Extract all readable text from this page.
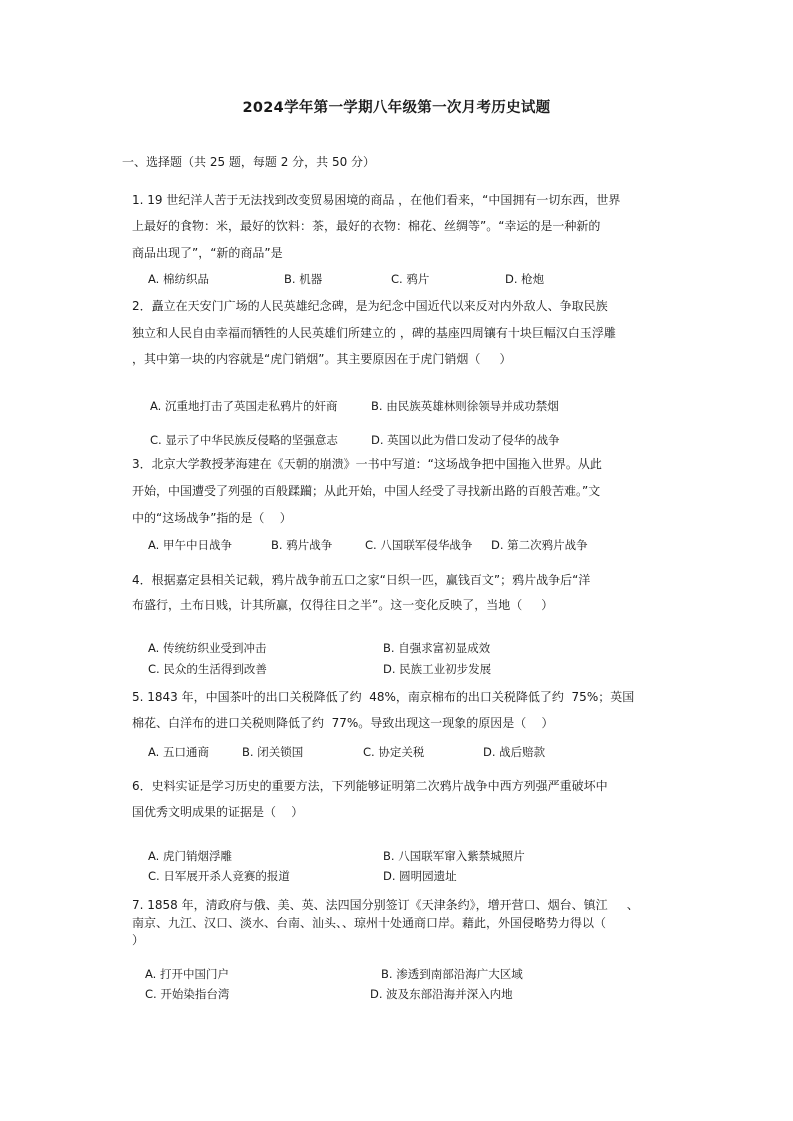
2024学年第一学期八年级第一次月考历史试题
一、选择题（共 25 题，每题 2 分，共 50 分）
1. 19 世纪洋人苦于无法找到改变贸易困境的商品 ，在他们看来，“中国拥有一切东西，世界
上最好的食物：米，最好的饮料：茶，最好的衣物：棉花、丝绸等”。“幸运的是一种新的
商品出现了”，“新的商品”是
A. 棉纺织品	B. 机器	C. 鸦片	D. 枪炮
2．矗立在天安门广场的人民英雄纪念碑，是为纪念中国近代以来反对内外敌人、争取民族
独立和人民自由幸福而牺牲的人民英雄们所建立的 ，碑的基座四周镶有十块巨幅汉白玉浮雕
，其中第一块的内容就是“虎门销烟”。其主要原因在于虎门销烟（     ）
A. 沉重地打击了英国走私鸦片的奸商	B. 由民族英雄林则徐领导并成功禁烟
C. 显示了中华民族反侵略的坚强意志	D. 英国以此为借口发动了侵华的战争
3．北京大学教授茅海建在《天朝的崩溃》一书中写道：“这场战争把中国拖入世界。从此
开始，中国遭受了列强的百般蹂躏；从此开始，中国人经受了寻找新出路的百般苦难。”文
中的“这场战争”指的是（    ）
A. 甲午中日战争	B. 鸦片战争	C. 八国联军侵华战争 D. 第二次鸦片战争
4．根据嘉定县相关记载，鸦片战争前五口之家“日织一匹，赢钱百文”；鸦片战争后“洋
布盛行，土布日贱，计其所赢，仅得往日之半”。这一变化反映了，当地（     ）
A. 传统纺织业受到冲击	B. 自强求富初显成效
C. 民众的生活得到改善	D. 民族工业初步发展
5. 1843 年，中国茶叶的出口关税降低了约  48%，南京棉布的出口关税降低了约  75%；英国
棉花、白洋布的进口关税则降低了约  77%。导致出现这一现象的原因是（    ）
A. 五口通商	B. 闭关锁国	C. 协定关税	D. 战后赔款
6．史料实证是学习历史的重要方法，下列能够证明第二次鸦片战争中西方列强严重破坏中
国优秀文明成果的证据是（    ）
A. 虎门销烟浮雕	B. 八国联军窜入紫禁城照片
C. 日军展开杀人竞赛的报道	D. 圆明园遗址
7. 1858 年，清政府与俄、美、英、法四国分别签订《天津条约》，增开营口、烟台、镇江     、
南京、九江、汉口、淡水、台南、汕头、、琼州十处通商口岸。藉此，外国侵略势力得以（
）
A. 打开中国门户	B. 渗透到南部沿海广大区域
C. 开始染指台湾	D. 波及东部沿海并深入内地
